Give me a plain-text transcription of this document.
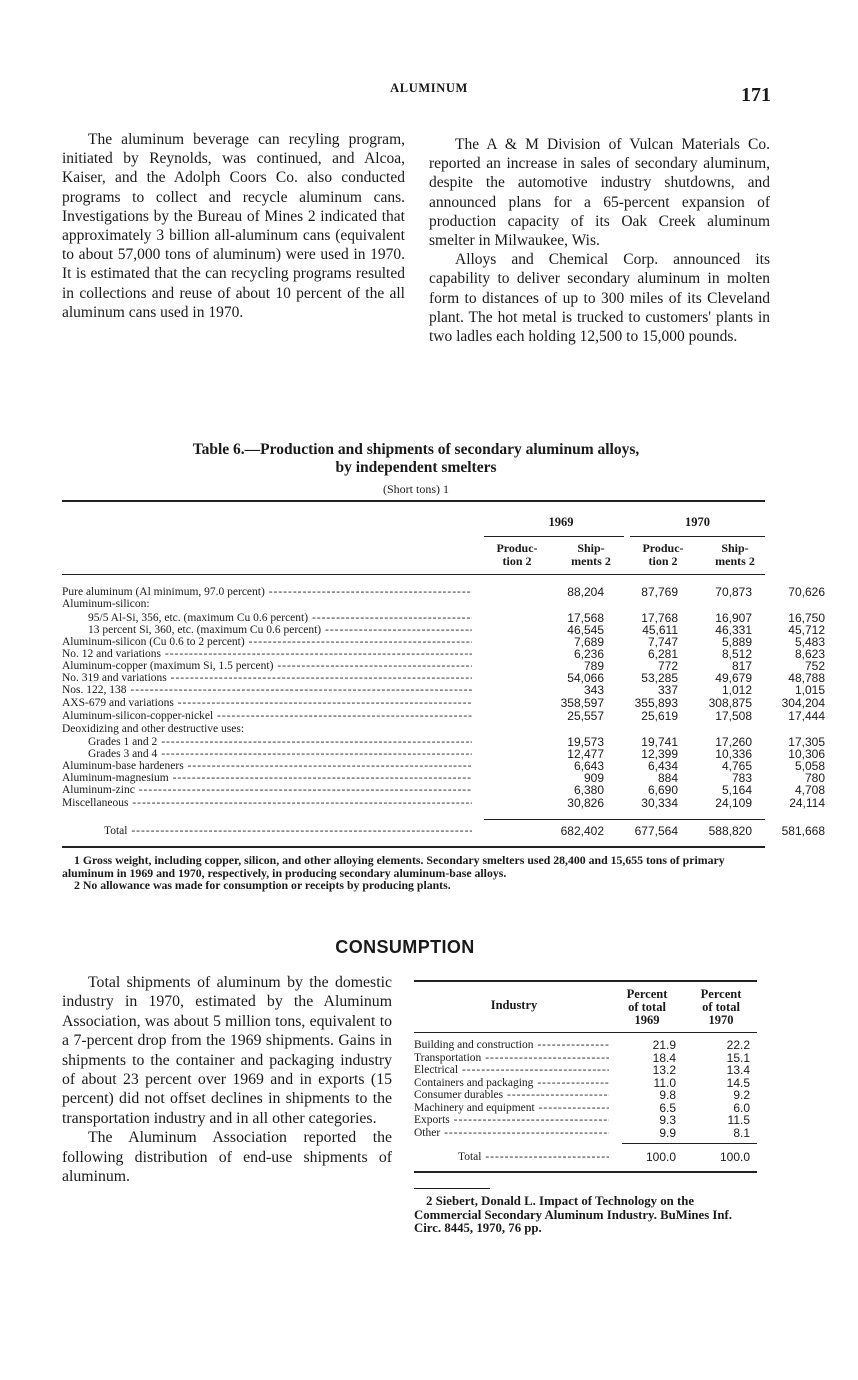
ALUMINUM	171

The aluminum beverage can recyling program, initiated by Reynolds, was continued, and Alcoa, Kaiser, and the Adolph Coors Co. also conducted programs to collect and recycle aluminum cans. Investigations by the Bureau of Mines 2 indicated that approximately 3 billion all-aluminum cans (equivalent to about 57,000 tons of aluminum) were used in 1970. It is estimated that the can recycling programs resulted in collections and reuse of about 10 percent of the all aluminum cans used in 1970.

The A & M Division of Vulcan Materials Co. reported an increase in sales of secondary aluminum, despite the automotive industry shutdowns, and announced plans for a 65-percent expansion of production capacity of its Oak Creek aluminum smelter in Milwaukee, Wis.

Alloys and Chemical Corp. announced its capability to deliver secondary aluminum in molten form to distances of up to 300 miles of its Cleveland plant. The hot metal is trucked to customers' plants in two ladles each holding 12,500 to 15,000 pounds.

Table 6.—Production and shipments of secondary aluminum alloys,
by independent smelters
(Short tons) 1
1969	1970
Produc-
tion 2
Ship-
ments 2
Produc-
tion 2
Ship-
ments 2
Pure aluminum (Al minimum, 97.0 percent) -----	88,204	87,769	70,873	70,626
Aluminum-silicon:
95/5 Al-Si, 356, etc. (maximum Cu 0.6 percent) -----	17,568	17,768	16,907	16,750
13 percent Si, 360, etc. (maximum Cu 0.6 percent) -----	46,545	45,611	46,331	45,712
Aluminum-silicon (Cu 0.6 to 2 percent) -----	7,689	7,747	5,889	5,483
No. 12 and variations -----	6,236	6,281	8,512	8,623
Aluminum-copper (maximum Si, 1.5 percent) -----	789	772	817	752
No. 319 and variations -----	54,066	53,285	49,679	48,788
Nos. 122, 138 -----	343	337	1,012	1,015
AXS-679 and variations -----	358,597	355,893	308,875	304,204
Aluminum-silicon-copper-nickel -----	25,557	25,619	17,508	17,444
Deoxidizing and other destructive uses:
Grades 1 and 2 -----	19,573	19,741	17,260	17,305
Grades 3 and 4 -----	12,477	12,399	10,336	10,306
Aluminum-base hardeners -----	6,643	6,434	4,765	5,058
Aluminum-magnesium -----	909	884	783	780
Aluminum-zinc -----	6,380	6,690	5,164	4,708
Miscellaneous -----	30,826	30,334	24,109	24,114
Total -----	682,402	677,564	588,820	581,668
1 Gross weight, including copper, silicon, and other alloying elements. Secondary smelters used 28,400 and 15,655 tons of primary aluminum in 1969 and 1970, respectively, in producing secondary aluminum-base alloys.
2 No allowance was made for consumption or receipts by producing plants.
CONSUMPTION

Total shipments of aluminum by the domestic industry in 1970, estimated by the Aluminum Association, was about 5 million tons, equivalent to a 7-percent drop from the 1969 shipments. Gains in shipments to the container and packaging industry of about 23 percent over 1969 and in exports (15 percent) did not offset declines in shipments to the transportation industry and in all other categories.

The Aluminum Association reported the following distribution of end-use shipments of aluminum.

Industry
Percent
of total
1969
Percent
of total
1970
Building and construction -----	21.9	22.2
Transportation -----	18.4	15.1
Electrical -----	13.2	13.4
Containers and packaging -----	11.0	14.5
Consumer durables -----	9.8	9.2
Machinery and equipment -----	6.5	6.0
Exports -----	9.3	11.5
Other -----	9.9	8.1
Total -----	100.0	100.0
2 Siebert, Donald L. Impact of Technology on the Commercial Secondary Aluminum Industry. BuMines Inf. Circ. 8445, 1970, 76 pp.
